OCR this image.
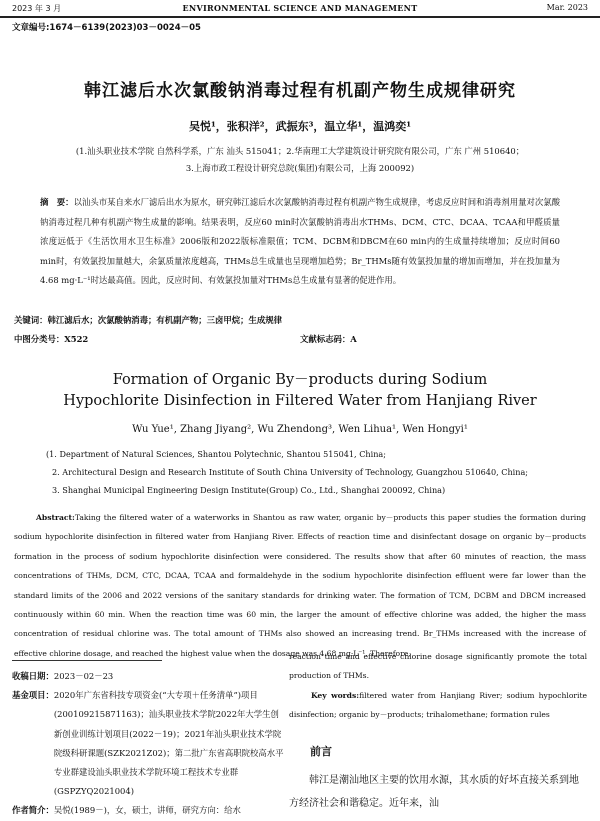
2023 年 3 月	ENVIRONMENTAL SCIENCE AND MANAGEMENT	Mar. 2023
文章编号:1674－6139(2023)03－0024－05
韩江滤后水次氯酸钠消毒过程有机副产物生成规律研究
吴悦¹，张积洋²，武振东³，温立华¹，温鸿奕¹
(1.汕头职业技术学院 自然科学系，广东 汕头 515041；2.华南理工大学建筑设计研究院有限公司，广东 广州 510640；
3.上海市政工程设计研究总院(集团)有限公司，上海 200092)
摘　要：以汕头市某自来水厂滤后出水为原水，研究韩江滤后水次氯酸钠消毒过程有机副产物生成规律，考虑反应时间和消毒剂用量对次氯酸钠消毒过程几种有机副产物生成量的影响。结果表明，反应60 min时次氯酸钠消毒出水THMs、DCM、CTC、DCAA、TCAA和甲醛质量浓度远低于《生活饮用水卫生标准》2006版和2022版标准限值；TCM、DCBM和DBCM在60 min内的生成量持续增加；反应时间60 min时，有效氯投加量越大，余氯质量浓度越高，THMs总生成量也呈现增加趋势；Br_THMs随有效氯投加量的增加而增加，并在投加量为4.68 mg·L⁻¹时达最高值。因此，反应时间、有效氯投加量对THMs总生成量有显著的促进作用。
关键词：韩江滤后水；次氯酸钠消毒；有机副产物；三卤甲烷；生成规律
中图分类号：X522	文献标志码：A
Formation of Organic By－products during Sodium
Hypochlorite Disinfection in Filtered Water from Hanjiang River
Wu Yue¹, Zhang Jiyang², Wu Zhendong³, Wen Lihua¹, Wen Hongyi¹
(1. Department of Natural Sciences, Shantou Polytechnic, Shantou 515041, China;
2. Architectural Design and Research Institute of South China University of Technology, Guangzhou 510640, China;
3. Shanghai Municipal Engineering Design Institute(Group) Co., Ltd., Shanghai 200092, China)
Abstract:Taking the filtered water of a waterworks in Shantou as raw water, organic by－products this paper studies the formation during sodium hypochlorite disinfection in filtered water from Hanjiang River. Effects of reaction time and disinfectant dosage on organic by－products formation in the process of sodium hypochlorite disinfection were considered. The results show that after 60 minutes of reaction, the mass concentrations of THMs, DCM, CTC, DCAA, TCAA and formaldehyde in the sodium hypochlorite disinfection effluent were far lower than the standard limits of the 2006 and 2022 versions of the sanitary standards for drinking water. The formation of TCM, DCBM and DBCM increased continuously within 60 min. When the reaction time was 60 min, the larger the amount of effective chlorine was added, the higher the mass concentration of residual chlorine was. The total amount of THMs also showed an increasing trend. Br_THMs increased with the increase of effective chlorine dosage, and reached the highest value when the dosage was 4.68 mg·L⁻¹. Therefore,
收稿日期：2023－02－23
基金项目： 2020年广东省科技专项资金(“大专项＋任务清单”)项目(200109215871163)；汕头职业技术学院2022年大学生创新创业训练计划项目(2022－19)；2021年汕头职业技术学院院级科研课题(SZK2021Z02)；第二批广东省高职院校高水平专业群建设汕头职业技术学院环境工程技术专业群(GSPZYQ2021004)
作者简介：吴悦(1989－)，女，硕士，讲师，研究方向：给水
reaction time and effective chlorine dosage significantly promote the total production of THMs.
Key words:filtered water from Hanjiang River; sodium hypochlorite disinfection; organic by－products; trihalomethane; formation rules
前言
韩江是潮汕地区主要的饮用水源，其水质的好坏直接关系到地方经济社会和谐稳定。近年来，汕
